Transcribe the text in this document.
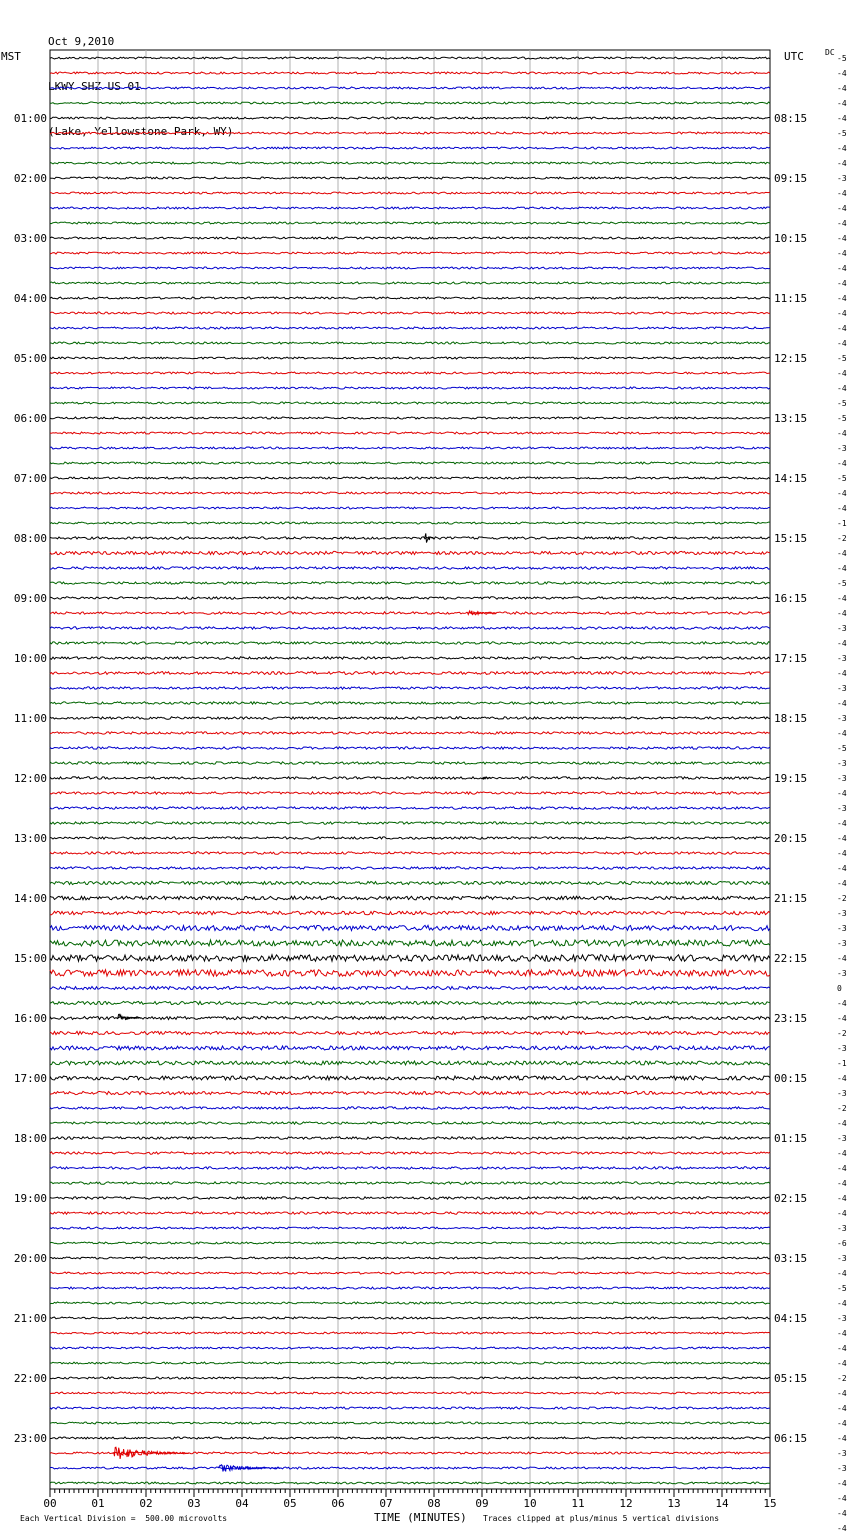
Oct 9,2010

LKWY SHZ US 01

(Lake, Yellowstone Park, WY)

MST	UTC	DC
01:00
02:00
03:00
04:00
05:00
06:00
07:00
08:00
09:00
10:00
11:00
12:00
13:00
14:00
15:00
16:00
17:00
18:00
19:00
20:00
21:00
22:00
23:00
08:15
09:15
10:15
11:15
12:15
13:15
14:15
15:15
16:15
17:15
18:15
19:15
20:15
21:15
22:15
23:15
00:15
01:15
02:15
03:15
04:15
05:15
06:15
-5
-4
-4
-4
-4
-5
-4
-4
-3
-4
-4
-4
-4
-4
-4
-4
-4
-4
-4
-4
-5
-4
-4
-5
-5
-4
-3
-4
-5
-4
-4
-1
-2
-4
-4
-5
-4
-4
-3
-4
-3
-4
-3
-4
-3
-4
-5
-3
-3
-4
-3
-4
-4
-4
-4
-4
-2
-3
-3
-3
-4
-3
0
-4
-4
-2
-3
-1
-4
-3
-2
-4
-3
-4
-4
-4
-4
-4
-3
-6
-3
-4
-5
-4
-3
-4
-4
-4
-2
-4
-4
-4
-4
-3
-3
-4
-4
-4
-4
00	01	02	03	04	05	06	07	08	09	10	11	12	13	14	15
Each Vertical Division =  500.00 microvolts	TIME (MINUTES) Traces clipped at plus/minus 5 vertical divisions
